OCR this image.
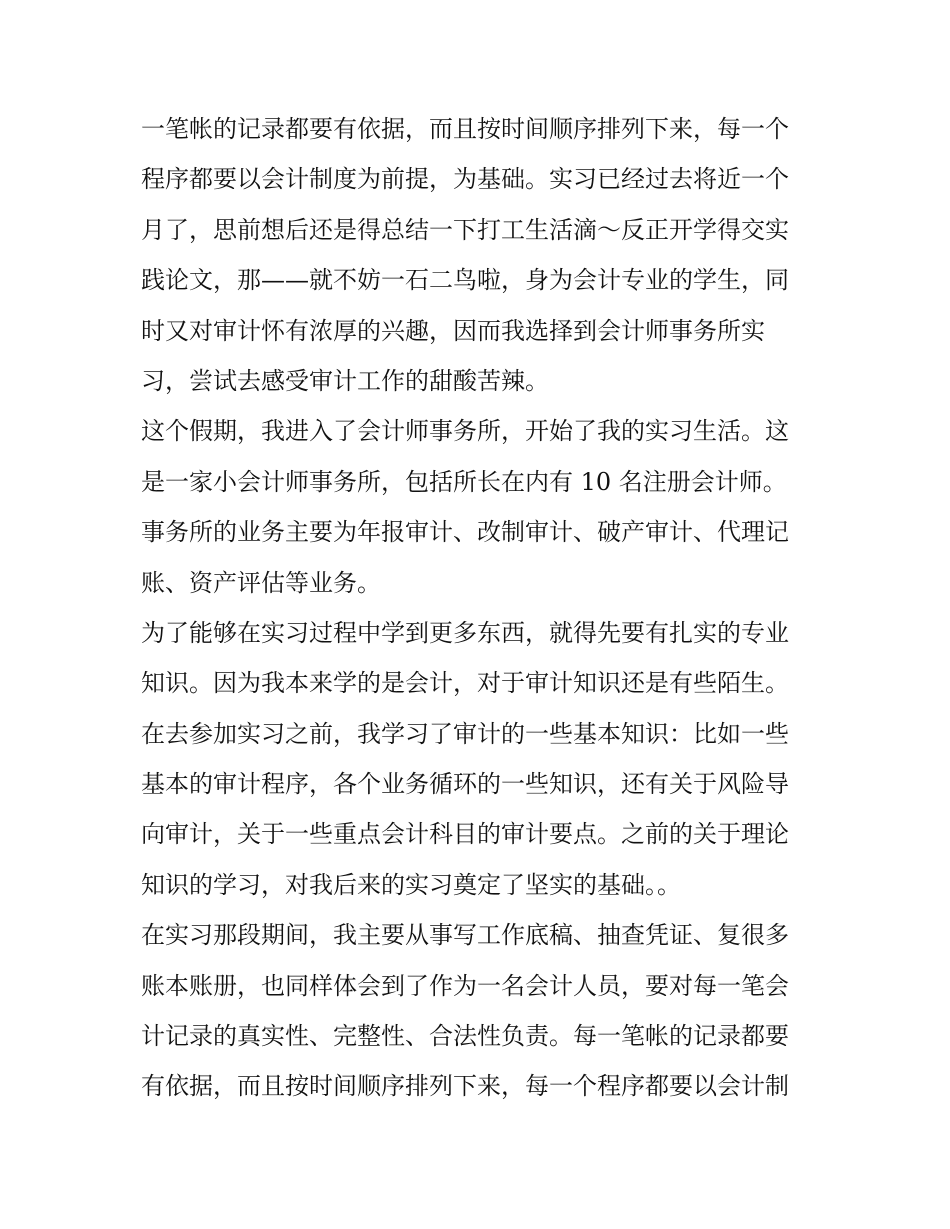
一笔帐的记录都要有依据，而且按时间顺序排列下来，每一个
程序都要以会计制度为前提，为基础。实习已经过去将近一个
月了，思前想后还是得总结一下打工生活滴～反正开学得交实
践论文，那——就不妨一石二鸟啦，身为会计专业的学生，同
时又对审计怀有浓厚的兴趣，因而我选择到会计师事务所实
习，尝试去感受审计工作的甜酸苦辣。
这个假期，我进入了会计师事务所，开始了我的实习生活。这
是一家小会计师事务所，包括所长在内有 10 名注册会计师。
事务所的业务主要为年报审计、改制审计、破产审计、代理记
账、资产评估等业务。
为了能够在实习过程中学到更多东西，就得先要有扎实的专业
知识。因为我本来学的是会计，对于审计知识还是有些陌生。
在去参加实习之前，我学习了审计的一些基本知识：比如一些
基本的审计程序，各个业务循环的一些知识，还有关于风险导
向审计，关于一些重点会计科目的审计要点。之前的关于理论
知识的学习，对我后来的实习奠定了坚实的基础。。
在实习那段期间，我主要从事写工作底稿、抽查凭证、复很多
账本账册，也同样体会到了作为一名会计人员，要对每一笔会
计记录的真实性、完整性、合法性负责。每一笔帐的记录都要
有依据，而且按时间顺序排列下来，每一个程序都要以会计制
